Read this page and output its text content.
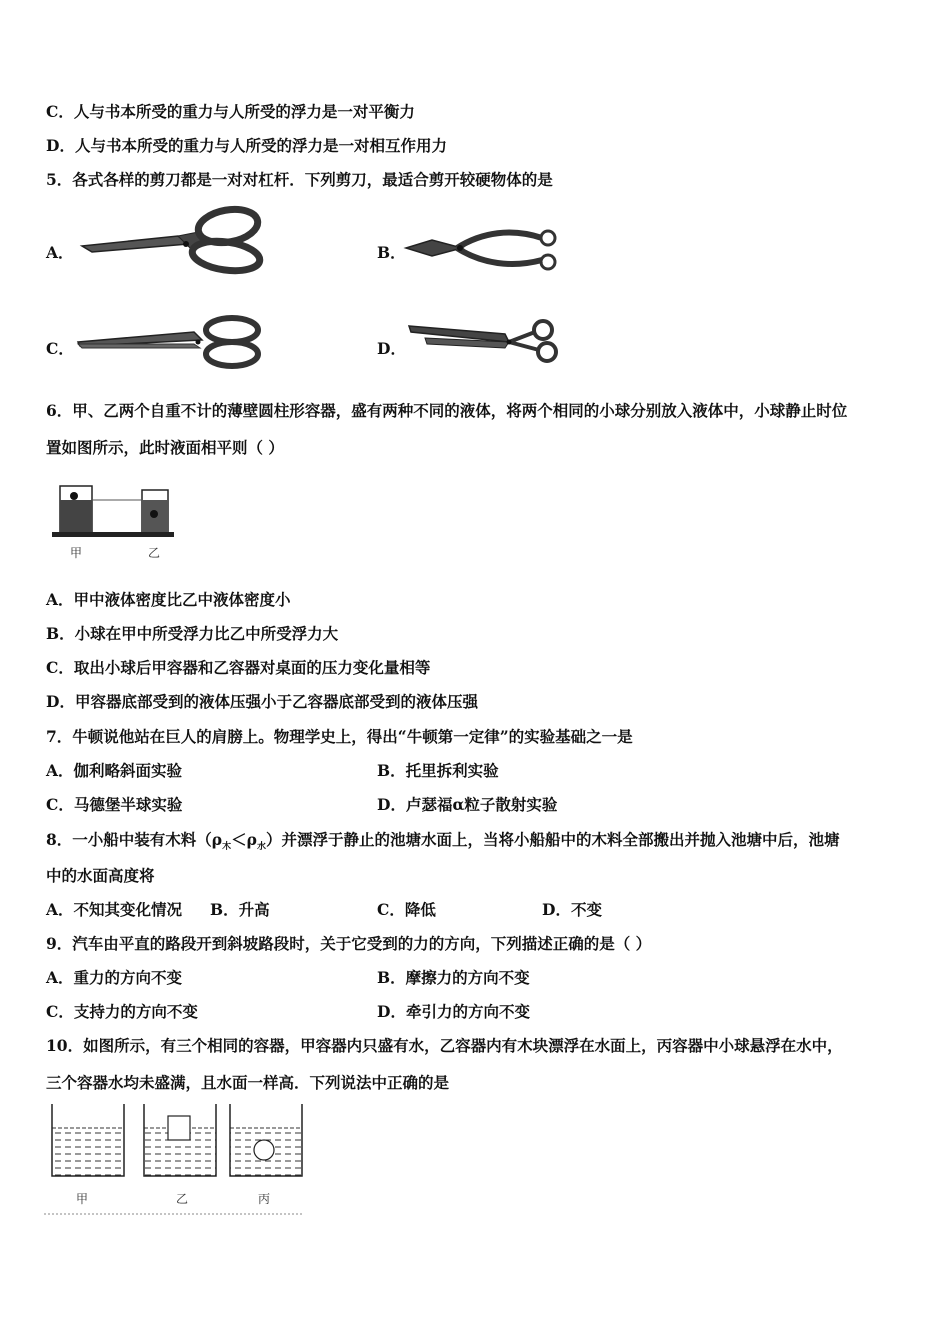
C．人与书本所受的重力与人所受的浮力是一对平衡力
D．人与书本所受的重力与人所受的浮力是一对相互作用力
5．各式各样的剪刀都是一对对杠杆．下列剪刀，最适合剪开较硬物体的是
A．	B．
C．	D．
6．甲、乙两个自重不计的薄壁圆柱形容器，盛有两种不同的液体，将两个相同的小球分别放入液体中，小球静止时位
置如图所示，此时液面相平则（ ）
甲	乙
A．甲中液体密度比乙中液体密度小
B．小球在甲中所受浮力比乙中所受浮力大
C．取出小球后甲容器和乙容器对桌面的压力变化量相等
D．甲容器底部受到的液体压强小于乙容器底部受到的液体压强
7．牛顿说他站在巨人的肩膀上。物理学史上，得出“牛顿第一定律”的实验基础之一是
A．伽利略斜面实验	B．托里拆利实验
C．马德堡半球实验	D．卢瑟福α粒子散射实验
8．一小船中装有木料$(\rho_木<\rho_水)$并漂浮于静止的池塘水面上，当将小船船中的木料全部搬出并抛入池塘中后，池塘
中的水面高度将
A．不知其变化情况 B．升高	C．降低	D．不变
9．汽车由平直的路段开到斜坡路段时，关于它受到的力的方向，下列描述正确的是（ ）
A．重力的方向不变	B．摩擦力的方向不变
C．支持力的方向不变	D．牵引力的方向不变
10．如图所示，有三个相同的容器，甲容器内只盛有水，乙容器内有木块漂浮在水面上，丙容器中小球悬浮在水中，
三个容器水均未盛满，且水面一样高．下列说法中正确的是
甲	乙	丙
